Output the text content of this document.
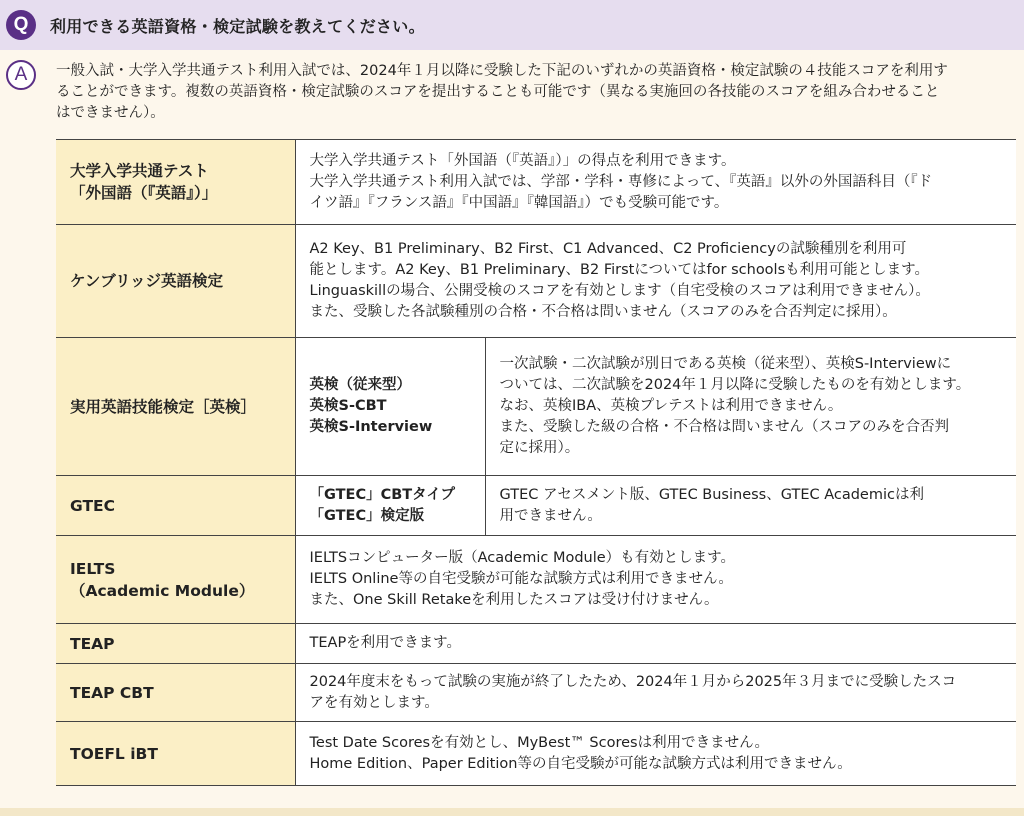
Q	利用できる英語資格・検定試験を教えてください。
A	一般入試・大学入学共通テスト利用入試では、2024年１月以降に受験した下記のいずれかの英語資格・検定試験の４技能スコアを利用す
ることができます。複数の英語資格・検定試験のスコアを提出することも可能です（異なる実施回の各技能のスコアを組み合わせること
はできません）。
大学入学共通テスト
「外国語（『英語』）」	大学入学共通テスト「外国語（『英語』）」の得点を利用できます。
大学入学共通テスト利用入試では、学部・学科・専修によって、『英語』以外の外国語科目（『ド
イツ語』『フランス語』『中国語』『韓国語』）でも受験可能です。	

ケンブリッジ英語検定	A2 Key、B1 Preliminary、B2 First、C1 Advanced、C2 Proficiencyの試験種別を利用可
能とします。A2 Key、B1 Preliminary、B2 Firstについてはfor schoolsも利用可能とします。
Linguaskillの場合、公開受検のスコアを有効とします（自宅受検のスコアは利用できません）。
また、受験した各試験種別の合格・不合格は問いません（スコアのみを合否判定に採用）。	

実用英語技能検定［英検］	英検（従来型）
英検S-CBT
英検S-Interview	一次試験・二次試験が別日である英検（従来型）、英検S-Interviewに
ついては、二次試験を2024年１月以降に受験したものを有効とします。
なお、英検IBA、英検プレテストは利用できません。
また、受験した級の合格・不合格は問いません（スコアのみを合否判
定に採用）。

GTEC	「GTEC」CBTタイプ
「GTEC」検定版	GTEC アセスメント版、GTEC Business、GTEC Academicは利
用できません。

IELTS
（Academic Module）	IELTSコンピューター版（Academic Module）も有効とします。
IELTS Online等の自宅受験が可能な試験方式は利用できません。
また、One Skill Retakeを利用したスコアは受け付けません。	

TEAP	TEAPを利用できます。	

TEAP CBT	2024年度末をもって試験の実施が終了したため、2024年１月から2025年３月までに受験したスコ
アを有効とします。	

TOEFL iBT	Test Date Scoresを有効とし、MyBest™ Scoresは利用できません。
Home Edition、Paper Edition等の自宅受験が可能な試験方式は利用できません。	
